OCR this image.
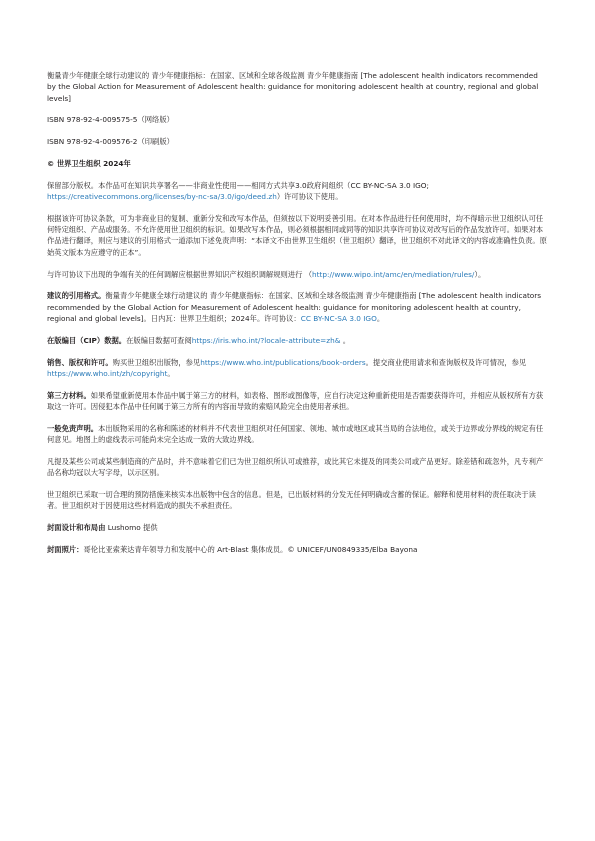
衡量青少年健康全球行动建议的 青少年健康指标：在国家、区域和全球各级监测 青少年健康指南 [The adolescent health indicators recommended by the Global Action for Measurement of Adolescent health: guidance for monitoring adolescent health at country, regional and global levels]

ISBN 978-92-4-009575-5（网络版）

ISBN 978-92-4-009576-2（印刷版）

© 世界卫生组织 2024年

保留部分版权。本作品可在知识共享署名——非商业性使用——相同方式共享3.0政府间组织（CC BY-NC-SA 3.0 IGO; https://creativecommons.org/licenses/by-nc-sa/3.0/igo/deed.zh）许可协议下使用。

根据该许可协议条款，可为非商业目的复制、重新分发和改写本作品，但须按以下说明妥善引用。在对本作品进行任何使用时，均不得暗示世卫组织认可任何特定组织、产品或服务。不允许使用世卫组织的标识。如果改写本作品，则必须根据相同或同等的知识共享许可协议对改写后的作品发放许可。如果对本作品进行翻译，则应与建议的引用格式一道添加下述免责声明：“本译文不由世界卫生组织（世卫组织）翻译，世卫组织不对此译文的内容或准确性负责。原始英文版本为应遵守的正本”。

与许可协议下出现的争端有关的任何调解应根据世界知识产权组织调解规则进行 （http://www.wipo.int/amc/en/mediation/rules/）。

建议的引用格式。衡量青少年健康全球行动建议的 青少年健康指标：在国家、区域和全球各级监测 青少年健康指南 [The adolescent health indicators recommended by the Global Action for Measurement of Adolescent health: guidance for monitoring adolescent health at country, regional and global levels]。日内瓦：世界卫生组织；2024年。许可协议：CC BY-NC-SA 3.0 IGO。

在版编目（CIP）数据。在版编目数据可查阅https://iris.who.int/?locale-attribute=zh& 。

销售、版权和许可。购买世卫组织出版物，参见https://www.who.int/publications/book-orders。提交商业使用请求和查询版权及许可情况，参见https://www.who.int/zh/copyright。

第三方材料。如果希望重新使用本作品中属于第三方的材料，如表格、图形或图像等，应自行决定这种重新使用是否需要获得许可，并相应从版权所有方获取这一许可。因侵犯本作品中任何属于第三方所有的内容而导致的索赔风险完全由使用者承担。

一般免责声明。本出版物采用的名称和陈述的材料并不代表世卫组织对任何国家、领地、城市或地区或其当局的合法地位，或关于边界或分界线的规定有任何意见。地图上的虚线表示可能尚未完全达成一致的大致边界线。

凡提及某些公司或某些制造商的产品时，并不意味着它们已为世卫组织所认可或推荐，或比其它未提及的同类公司或产品更好。除差错和疏忽外，凡专利产品名称均冠以大写字母，以示区别。

世卫组织已采取一切合理的预防措施来核实本出版物中包含的信息。但是，已出版材料的分发无任何明确或含蓄的保证。解释和使用材料的责任取决于读者。世卫组织对于因使用这些材料造成的损失不承担责任。

封面设计和布局由 Lushomo 提供

封面照片：哥伦比亚索莱达青年领导力和发展中心的 Art-Blast 集体成员。© UNICEF/UN0849335/Elba Bayona
